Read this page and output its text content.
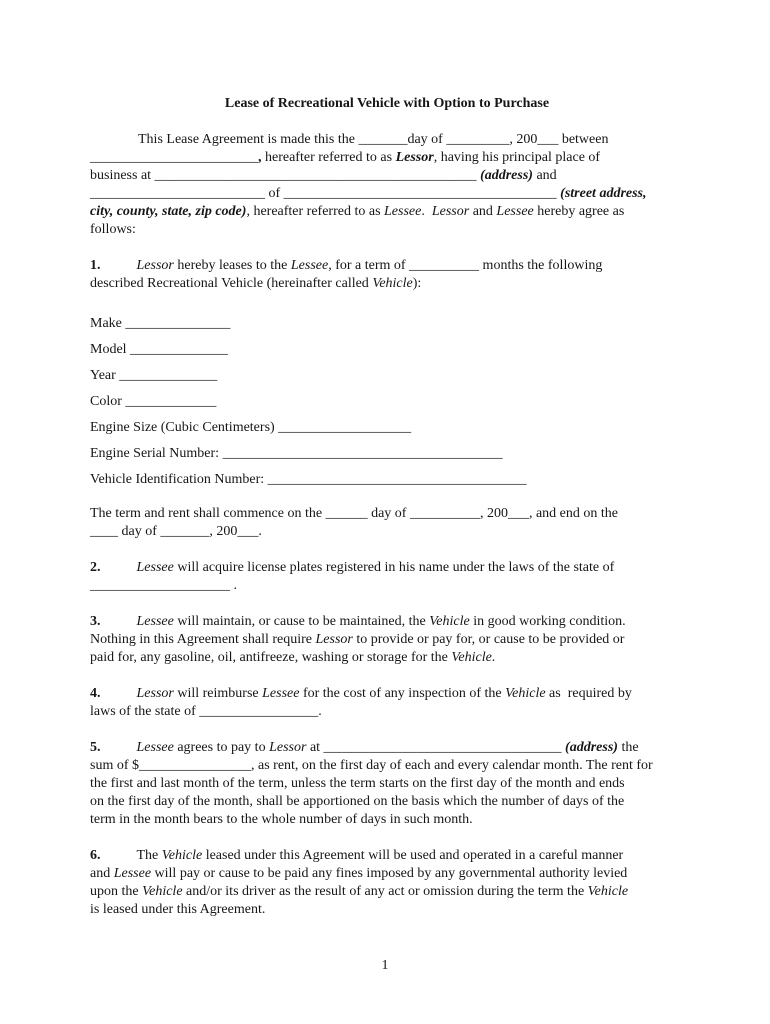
Lease of Recreational Vehicle with Option to Purchase
This Lease Agreement is made this the _______day of _________, 200___ between
________________________, hereafter referred to as Lessor, having his principal place of
business at ______________________________________________ (address) and
_________________________ of _______________________________________ (street address,
city, county, state, zip code), hereafter referred to as Lessee.  Lessor and Lessee hereby agree as
follows:
1.	Lessor hereby leases to the Lessee, for a term of __________ months the following
described Recreational Vehicle (hereinafter called Vehicle):
Make _______________
Model ______________
Year ______________
Color _____________
Engine Size (Cubic Centimeters) ___________________
Engine Serial Number: ________________________________________
Vehicle Identification Number: _____________________________________
The term and rent shall commence on the ______ day of __________, 200___, and end on the
____ day of _______, 200___.
2.	Lessee will acquire license plates registered in his name under the laws of the state of
____________________ .
3.	Lessee will maintain, or cause to be maintained, the Vehicle in good working condition.
Nothing in this Agreement shall require Lessor to provide or pay for, or cause to be provided or
paid for, any gasoline, oil, antifreeze, washing or storage for the Vehicle.
4.	Lessor will reimburse Lessee for the cost of any inspection of the Vehicle as  required by
laws of the state of _________________.
5.	Lessee agrees to pay to Lessor at __________________________________ (address) the
sum of $________________, as rent, on the first day of each and every calendar month. The rent for
the first and last month of the term, unless the term starts on the first day of the month and ends
on the first day of the month, shall be apportioned on the basis which the number of days of the
term in the month bears to the whole number of days in such month.
6.	The Vehicle leased under this Agreement will be used and operated in a careful manner
and Lessee will pay or cause to be paid any fines imposed by any governmental authority levied
upon the Vehicle and/or its driver as the result of any act or omission during the term the Vehicle
is leased under this Agreement.
1
